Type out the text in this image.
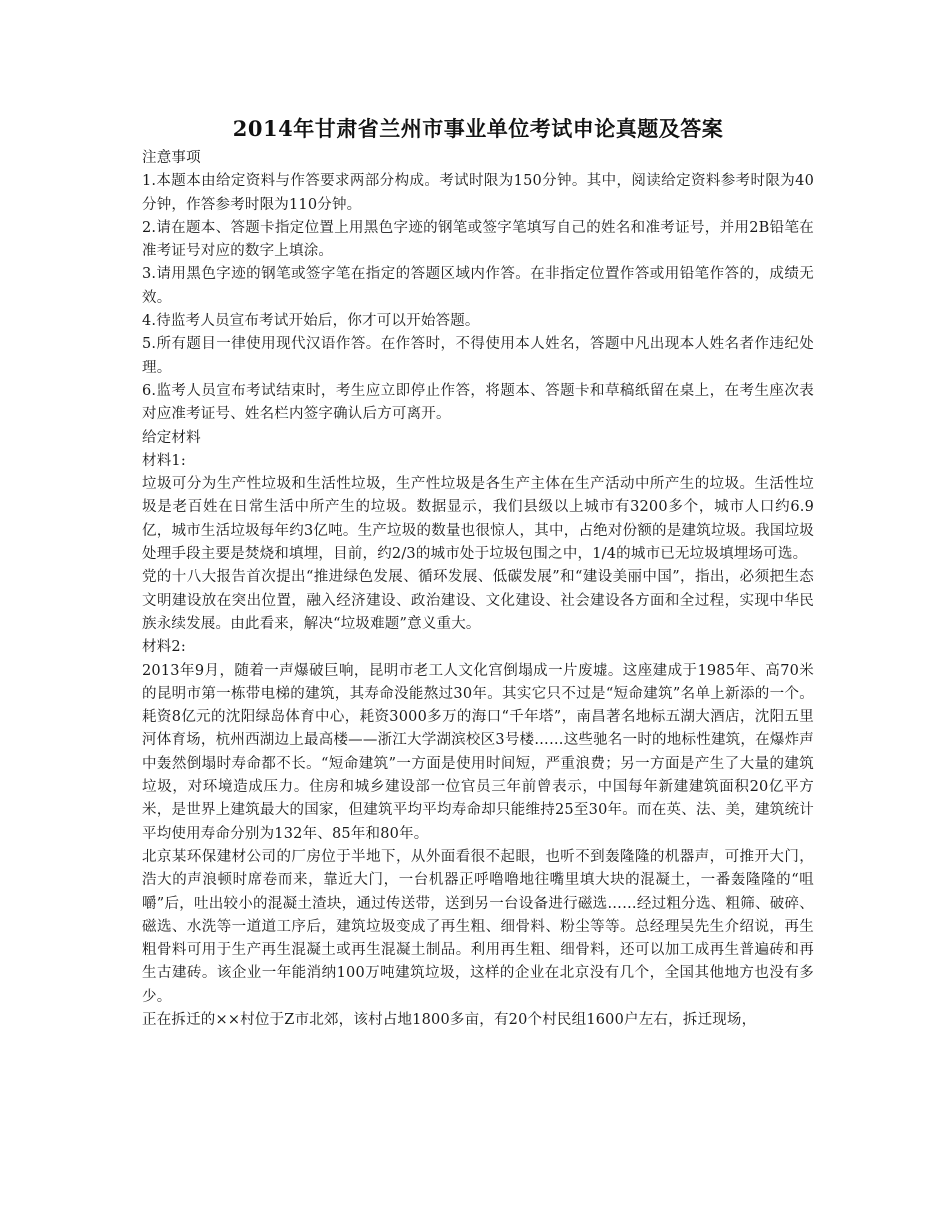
2014年甘肃省兰州市事业单位考试申论真题及答案

注意事项

1.本题本由给定资料与作答要求两部分构成。考试时限为150分钟。其中，阅读给定资料参考时限为40分钟，作答参考时限为110分钟。

2.请在题本、答题卡指定位置上用黑色字迹的钢笔或签字笔填写自己的姓名和准考证号，并用2B铅笔在准考证号对应的数字上填涂。

3.请用黑色字迹的钢笔或签字笔在指定的答题区域内作答。在非指定位置作答或用铅笔作答的，成绩无效。

4.待监考人员宣布考试开始后，你才可以开始答题。

5.所有题目一律使用现代汉语作答。在作答时，不得使用本人姓名，答题中凡出现本人姓名者作违纪处理。

6.监考人员宣布考试结束时，考生应立即停止作答，将题本、答题卡和草稿纸留在桌上，在考生座次表对应准考证号、姓名栏内签字确认后方可离开。

给定材料

材料1:

垃圾可分为生产性垃圾和生活性垃圾，生产性垃圾是各生产主体在生产活动中所产生的垃圾。生活性垃圾是老百姓在日常生活中所产生的垃圾。数据显示，我们县级以上城市有3200多个，城市人口约6.9亿，城市生活垃圾每年约3亿吨。生产垃圾的数量也很惊人，其中，占绝对份额的是建筑垃圾。我国垃圾处理手段主要是焚烧和填埋，目前，约2/3的城市处于垃圾包围之中，1/4的城市已无垃圾填埋场可选。

党的十八大报告首次提出“推进绿色发展、循环发展、低碳发展”和“建设美丽中国”，指出，必须把生态文明建设放在突出位置，融入经济建设、政治建设、文化建设、社会建设各方面和全过程，实现中华民族永续发展。由此看来，解决“垃圾难题”意义重大。

材料2:

2013年9月，随着一声爆破巨响，昆明市老工人文化宫倒塌成一片废墟。这座建成于1985年、高70米的昆明市第一栋带电梯的建筑，其寿命没能熬过30年。其实它只不过是“短命建筑”名单上新添的一个。耗资8亿元的沈阳绿岛体育中心，耗资3000多万的海口“千年塔”，南昌著名地标五湖大酒店，沈阳五里河体育场，杭州西湖边上最高楼——浙江大学湖滨校区3号楼……这些驰名一时的地标性建筑，在爆炸声中轰然倒塌时寿命都不长。“短命建筑”一方面是使用时间短，严重浪费；另一方面是产生了大量的建筑垃圾，对环境造成压力。住房和城乡建设部一位官员三年前曾表示，中国每年新建建筑面积20亿平方米，是世界上建筑最大的国家，但建筑平均平均寿命却只能维持25至30年。而在英、法、美，建筑统计平均使用寿命分别为132年、85年和80年。

北京某环保建材公司的厂房位于半地下，从外面看很不起眼，也听不到轰隆隆的机器声，可推开大门，浩大的声浪顿时席卷而来，靠近大门，一台机器正呼噜噜地往嘴里填大块的混凝土，一番轰隆隆的“咀嚼”后，吐出较小的混凝土渣块，通过传送带，送到另一台设备进行磁选……经过粗分选、粗筛、破碎、磁选、水洗等一道道工序后，建筑垃圾变成了再生粗、细骨料、粉尘等等。总经理吴先生介绍说，再生粗骨料可用于生产再生混凝土或再生混凝土制品。利用再生粗、细骨料，还可以加工成再生普遍砖和再生古建砖。该企业一年能消纳100万吨建筑垃圾，这样的企业在北京没有几个，全国其他地方也没有多少。

正在拆迁的××村位于Z市北郊，该村占地1800多亩，有20个村民组1600户左右，拆迁现场，
